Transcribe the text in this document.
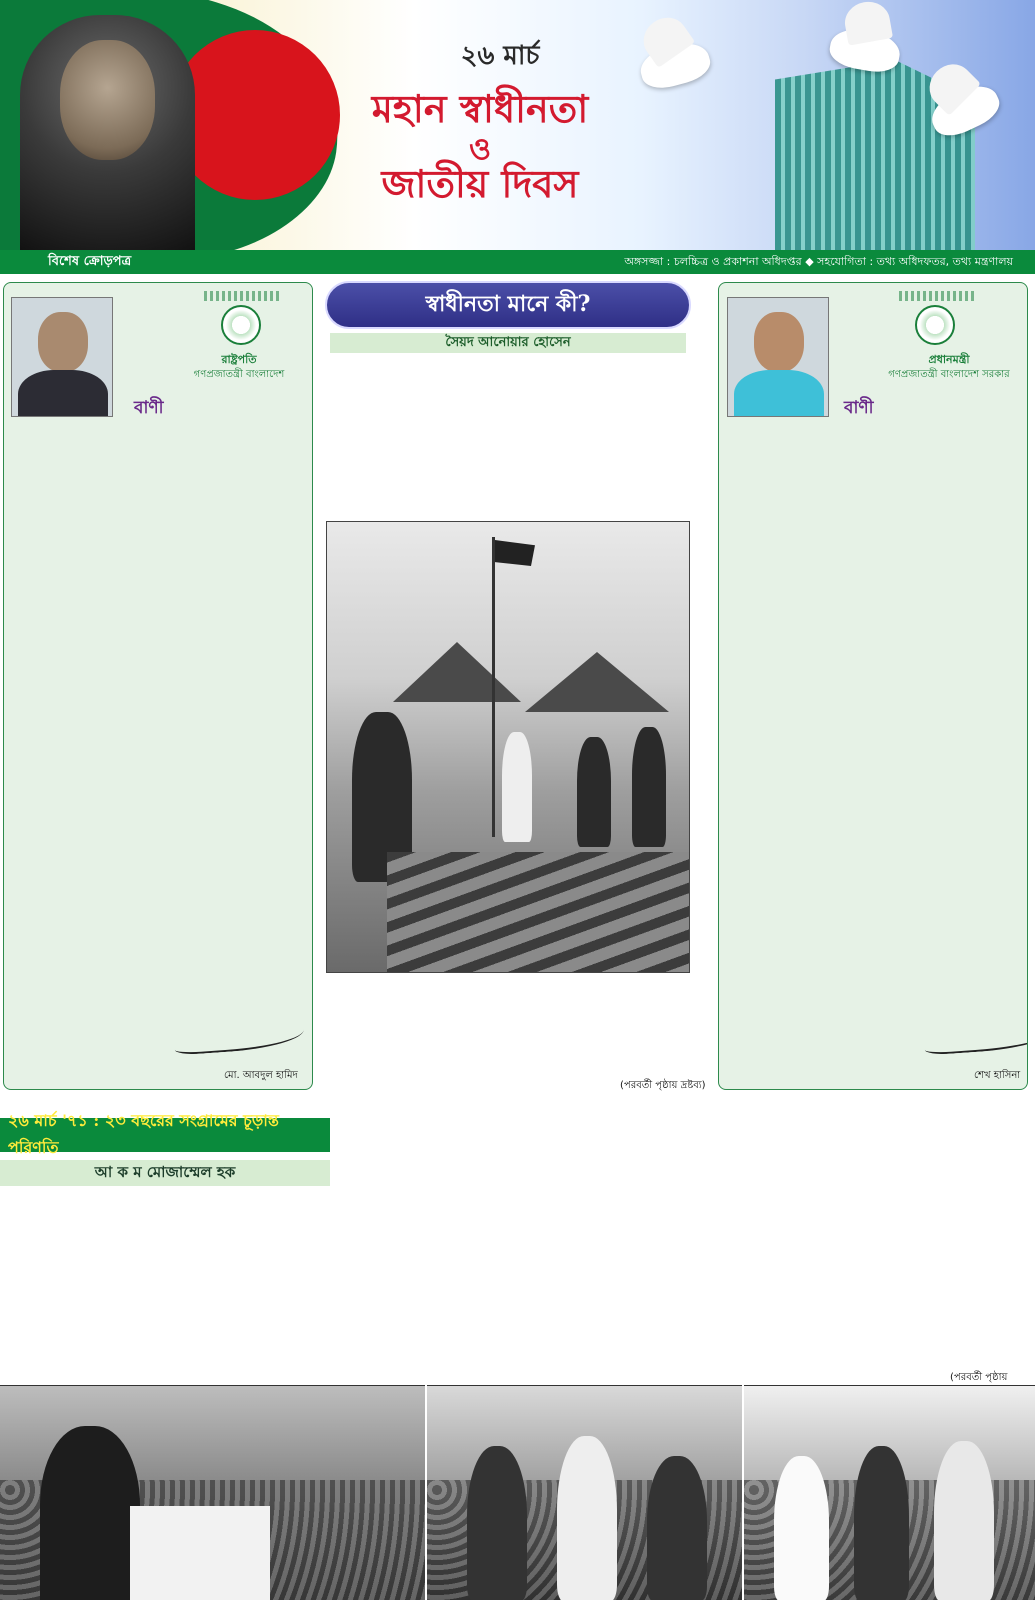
২৬ মার্চ
মহান স্বাধীনতা
ও
জাতীয় দিবস
বিশেষ ক্রোড়পত্র	অঙ্গসজ্জা : চলচ্চিত্র ও প্রকাশনা অধিদপ্তর ◆ সহযোগিতা : তথ্য অধিদফতর, তথ্য মন্ত্রণালয়
রাষ্ট্রপতি
গণপ্রজাতন্ত্রী বাংলাদেশ
বাণী
মো. আবদুল হামিদ
স্বাধীনতা মানে কী?
সৈয়দ আনোয়ার হোসেন
(পরবর্তী পৃষ্ঠায় দ্রষ্টব্য)
প্রধানমন্ত্রী
গণপ্রজাতন্ত্রী বাংলাদেশ সরকার
বাণী
শেখ হাসিনা
২৬ মার্চ '৭১ : ২৩ বছরের সংগ্রামের চূড়ান্ত পরিণতি
আ ক ম মোজাম্মেল হক
(পরবর্তী পৃষ্ঠায়
